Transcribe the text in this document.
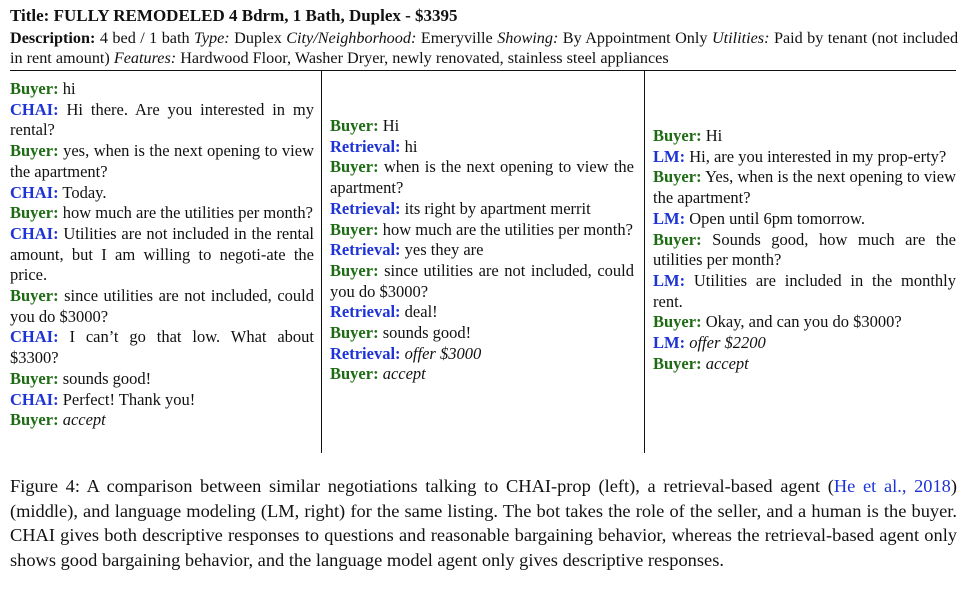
Title: FULLY REMODELED 4 Bdrm, 1 Bath, Duplex - $3395
Description: 4 bed / 1 bath Type: Duplex City/Neighborhood: Emeryville Showing: By Appointment Only Utilities: Paid by tenant (not included in rent amount) Features: Hardwood Floor, Washer Dryer, newly renovated, stainless steel appliances
Buyer: hi
CHAI: Hi there. Are you interested in my rental?
Buyer: yes, when is the next opening to view the apartment?
CHAI: Today.
Buyer: how much are the utilities per month?
CHAI: Utilities are not included in the rental amount, but I am willing to negoti-ate the price.
Buyer: since utilities are not included, could you do $3000?
CHAI: I can’t go that low. What about $3300?
Buyer: sounds good!
CHAI: Perfect! Thank you!
Buyer: accept
Buyer: Hi
Retrieval: hi
Buyer: when is the next opening to view the apartment?
Retrieval: its right by apartment merrit
Buyer: how much are the utilities per month?
Retrieval: yes they are
Buyer: since utilities are not included, could you do $3000?
Retrieval: deal!
Buyer: sounds good!
Retrieval: offer $3000
Buyer: accept
Buyer: Hi
LM: Hi, are you interested in my prop-erty?
Buyer: Yes, when is the next opening to view the apartment?
LM: Open until 6pm tomorrow.
Buyer: Sounds good, how much are the utilities per month?
LM: Utilities are included in the monthly rent.
Buyer: Okay, and can you do $3000?
LM: offer $2200
Buyer: accept
Figure 4: A comparison between similar negotiations talking to CHAI-prop (left), a retrieval-based agent (He et al., 2018) (middle), and language modeling (LM, right) for the same listing. The bot takes the role of the seller, and a human is the buyer. CHAI gives both descriptive responses to questions and reasonable bargaining behavior, whereas the retrieval-based agent only shows good bargaining behavior, and the language model agent only gives descriptive responses.
